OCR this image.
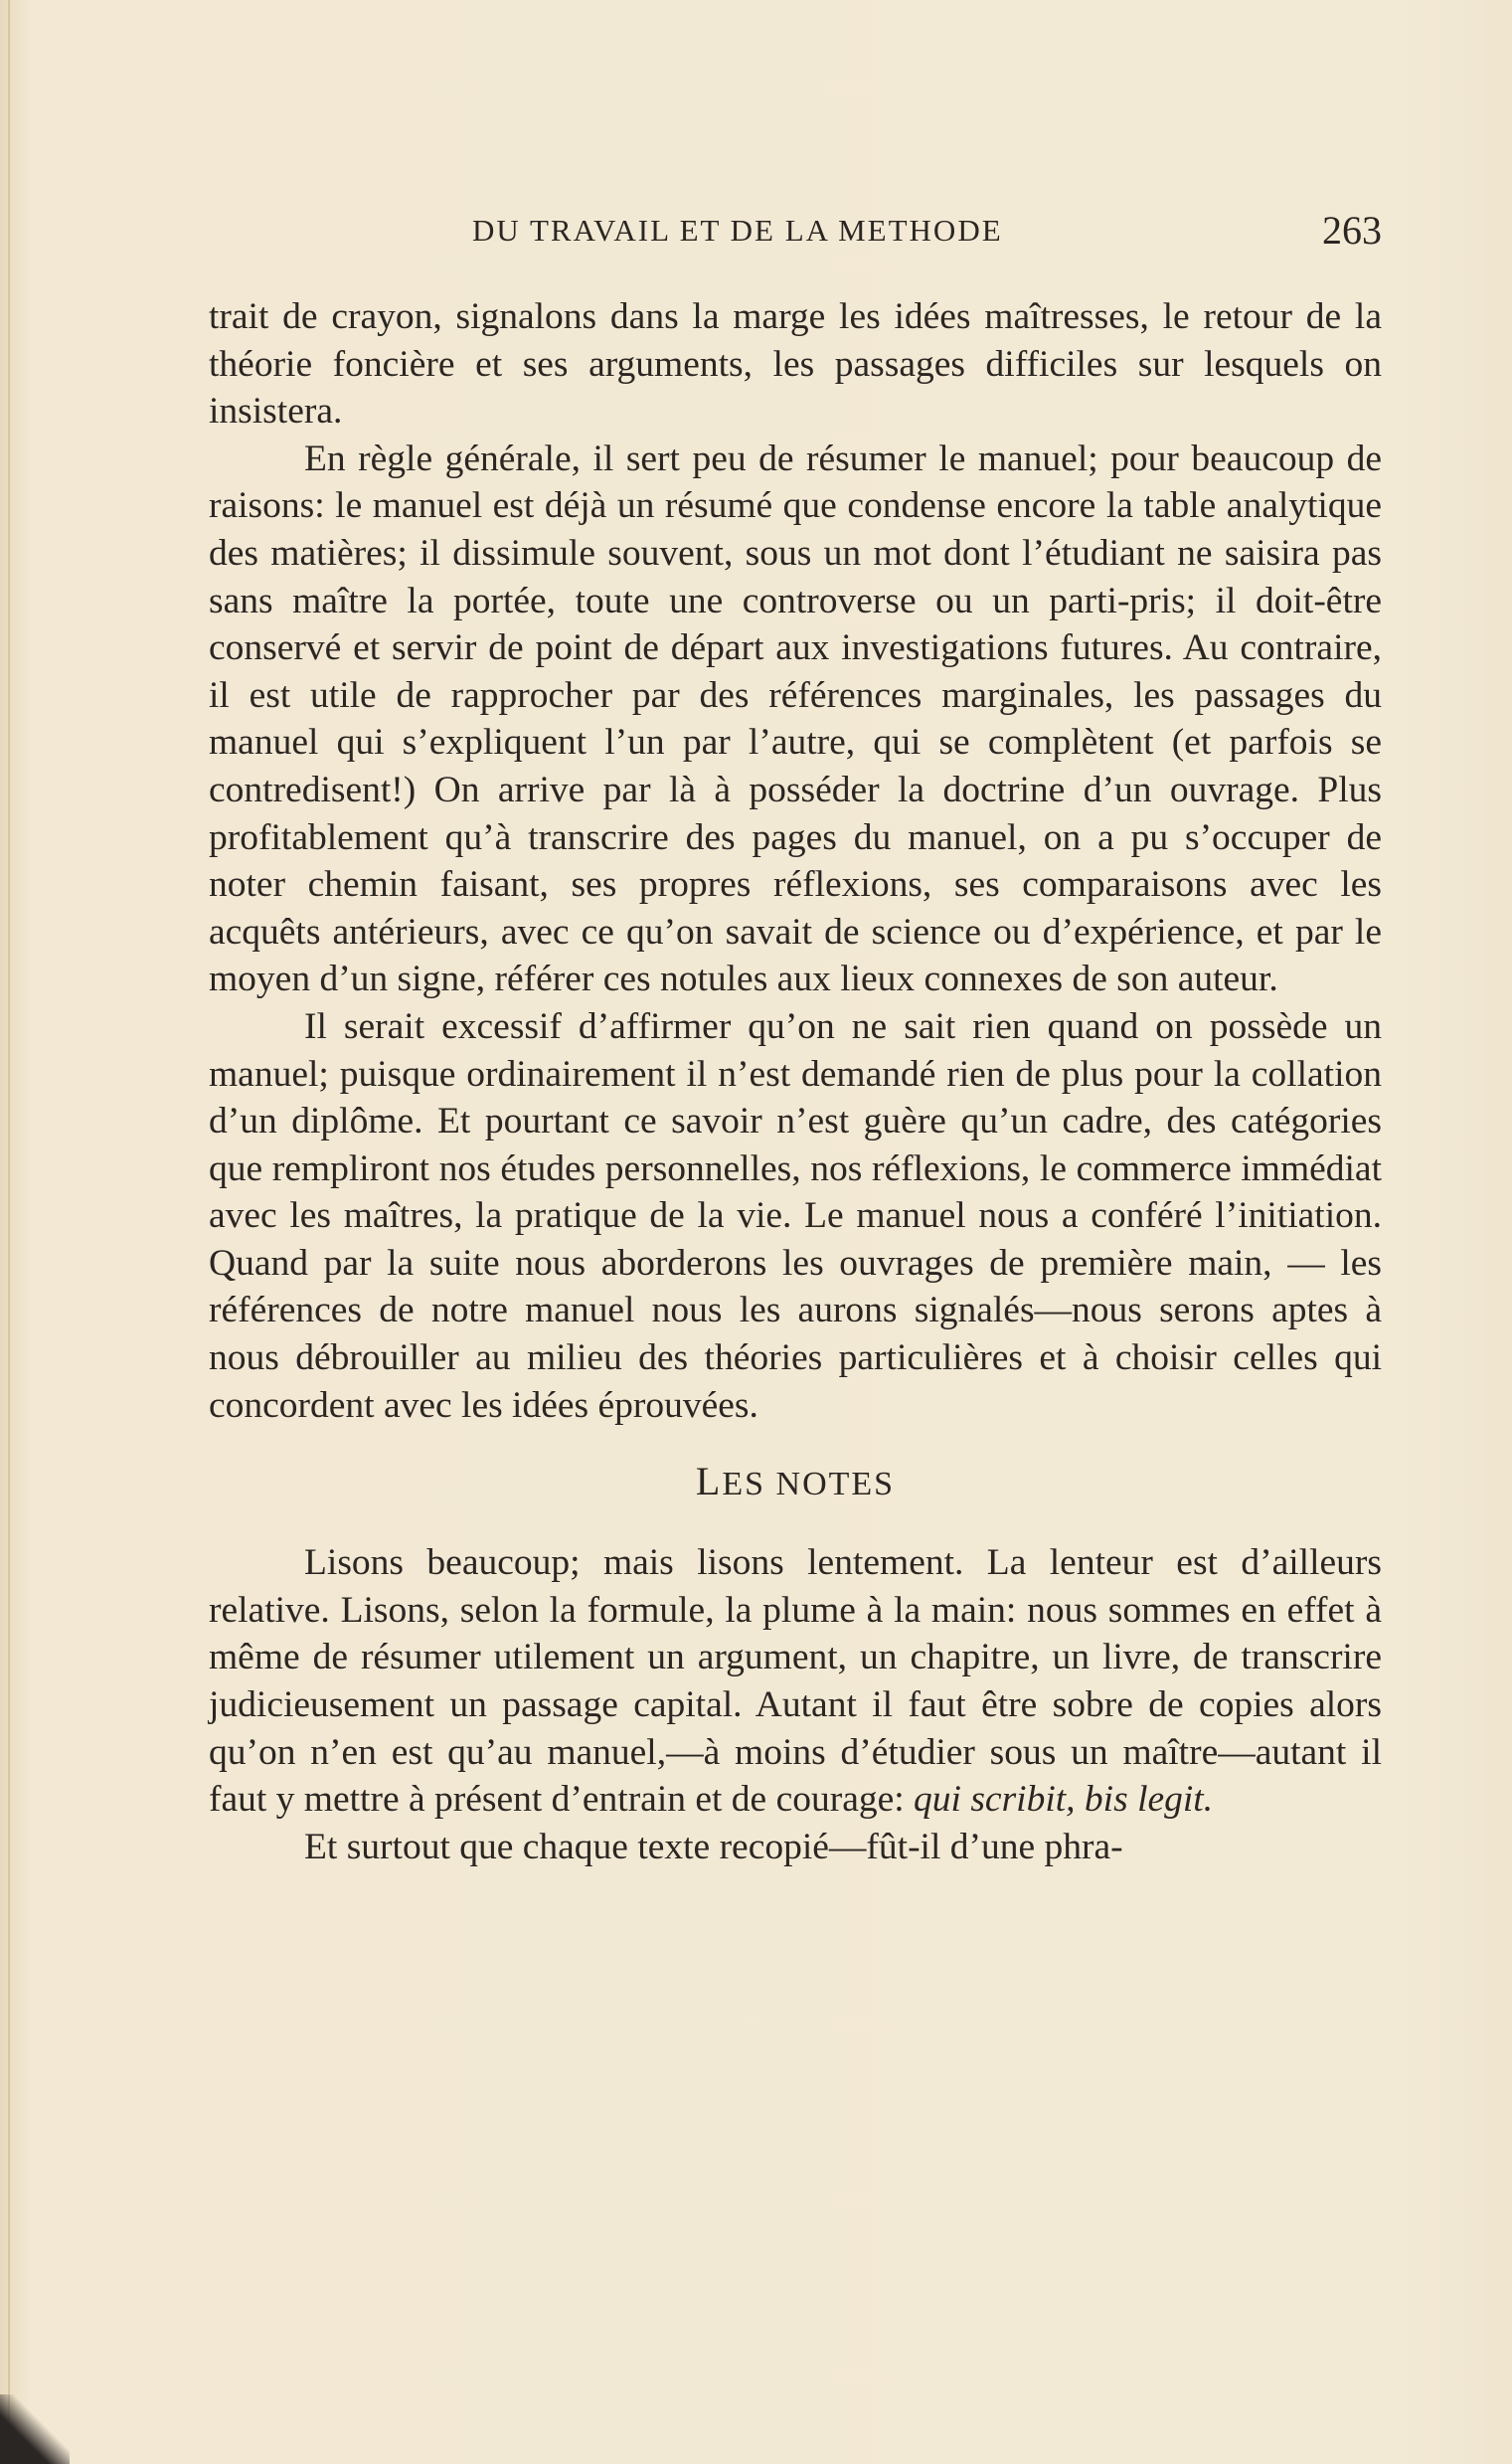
DU TRAVAIL ET DE LA METHODE	263

trait de crayon, signalons dans la marge les idées maîtresses, le retour de la théorie foncière et ses arguments, les passages difficiles sur lesquels on insistera.

En règle générale, il sert peu de résumer le manuel; pour beaucoup de raisons: le manuel est déjà un résumé que condense encore la table analytique des matières; il dissimule souvent, sous un mot dont l’étudiant ne saisira pas sans maître la portée, toute une controverse ou un parti-pris; il doit-être conservé et servir de point de départ aux investigations futures. Au contraire, il est utile de rapprocher par des références marginales, les passages du manuel qui s’expliquent l’un par l’autre, qui se complètent (et parfois se contredisent!) On arrive par là à posséder la doctrine d’un ouvrage. Plus profitablement qu’à transcrire des pages du manuel, on a pu s’occuper de noter chemin faisant, ses propres réflexions, ses comparaisons avec les acquêts antérieurs, avec ce qu’on savait de science ou d’expérience, et par le moyen d’un signe, référer ces notules aux lieux connexes de son auteur.

Il serait excessif d’affirmer qu’on ne sait rien quand on possède un manuel; puisque ordinairement il n’est demandé rien de plus pour la collation d’un diplôme. Et pourtant ce savoir n’est guère qu’un cadre, des catégories que rempliront nos études personnelles, nos réflexions, le commerce immédiat avec les maîtres, la pratique de la vie. Le manuel nous a conféré l’initiation. Quand par la suite nous aborderons les ouvrages de première main, — les références de notre manuel nous les aurons signalés—nous serons aptes à nous débrouiller au milieu des théories particulières et à choisir celles qui concordent avec les idées éprouvées.

LES NOTES

Lisons beaucoup; mais lisons lentement. La lenteur est d’ailleurs relative. Lisons, selon la formule, la plume à la main: nous sommes en effet à même de résumer utilement un argument, un chapitre, un livre, de transcrire judicieusement un passage capital. Autant il faut être sobre de copies alors qu’on n’en est qu’au manuel,—à moins d’étudier sous un maître—autant il faut y mettre à présent d’entrain et de courage: qui scribit, bis legit.

Et surtout que chaque texte recopié—fût-il d’une phra-
